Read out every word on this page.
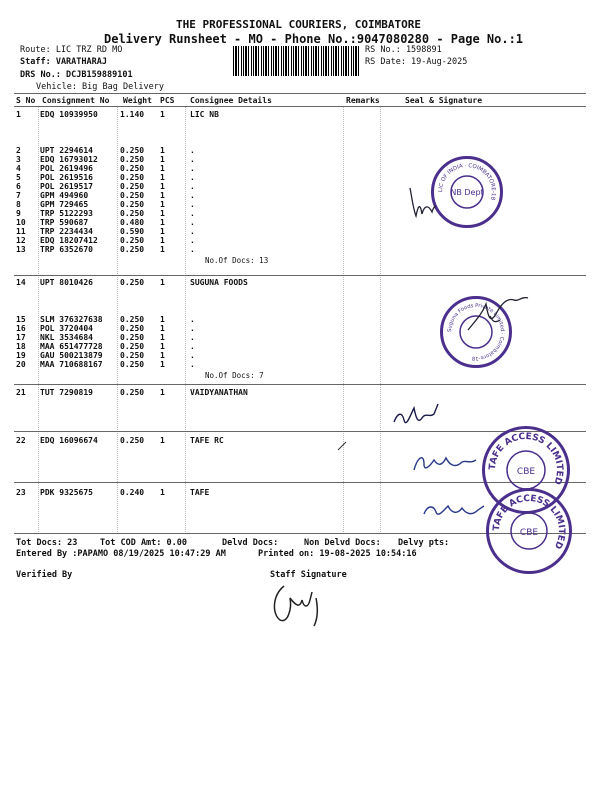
THE PROFESSIONAL COURIERS, COIMBATORE
Delivery Runsheet - MO - Phone No.:9047080280 - Page No.:1
Route: LIC TRZ RD MO
Staff: VARATHARAJ
DRS No.: DCJB159889101
Vehicle: Big Bag Delivery
RS No.: 1598891
RS Date: 19-Aug-2025
S No Consignment No Weight PCS Consignee Details	Remarks	Seal & Signature
1 EDQ 10939950	1.140 1	LIC NB
2 UPT 2294614	0.250 1	.
3 EDQ 16793012	0.250 1	.
4 POL 2619496	0.250 1	.
5 POL 2619516	0.250 1	.
6 POL 2619517	0.250 1	.
7 GPM 494960	0.250 1	.
8 GPM 729465	0.250 1	.
9 TRP 5122293	0.250 1	.
10 TRP 590687	0.480 1	.
11 TRP 2234434	0.590 1	.
12 EDQ 18207412	0.250 1	.
13 TRP 6352670	0.250 1	.
No.Of Docs: 13
14 UPT 8010426	0.250 1	SUGUNA FOODS
15 SLM 376327638 0.250 1	.
16 POL 3720404	0.250 1	.
17 NKL 3534684	0.250 1	.
18 MAA 651477728 0.250 1	.
19 GAU 500213879 0.250 1	.
20 MAA 710688167 0.250 1	.
No.Of Docs: 7
21 TUT 7290819	0.250 1	VAIDYANATHAN
22 EDQ 16096674	0.250 1	TAFE RC
23 PDK 9325675	0.240 1	TAFE
LIC OF INDIA · COIMBATORE-18
NB Dept
Suguna Foods Private Limited · Coimbatore-18
TAFE ACCESS LIMITED
CBE
TAFE ACCESS LIMITED
CBE
Tot Docs: 23	Tot COD Amt: 0.00	Delvd Docs:	Non Delvd Docs: Delvy pts:
Entered By :PAPAMO 08/19/2025 10:47:29 AM	Printed on: 19-08-2025 10:54:16
Verified By	Staff Signature
